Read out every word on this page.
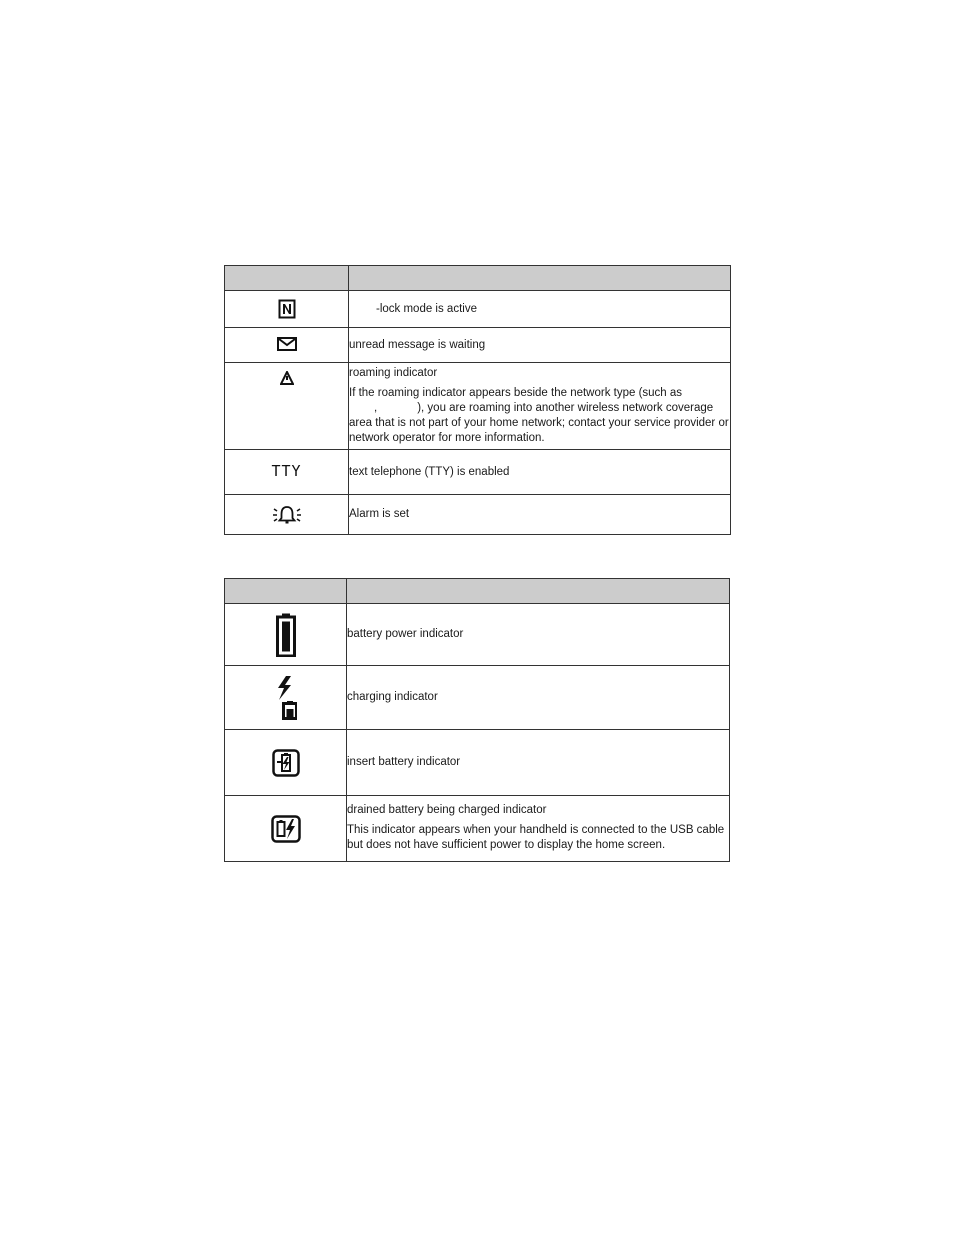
	-lock mode is active
	unread message is waiting

roaming indicator
If the roaming indicator appears beside the network type (such as
, ), you are roaming into another wireless network coverage area that is not part of your home network; contact your service provider or network operator for more information.

TTY	text telephone (TTY) is enabled
	Alarm is set

	battery power indicator
	charging indicator
	insert battery indicator

drained battery being charged indicator
This indicator appears when your handheld is connected to the USB cable but does not have sufficient power to display the home screen.
